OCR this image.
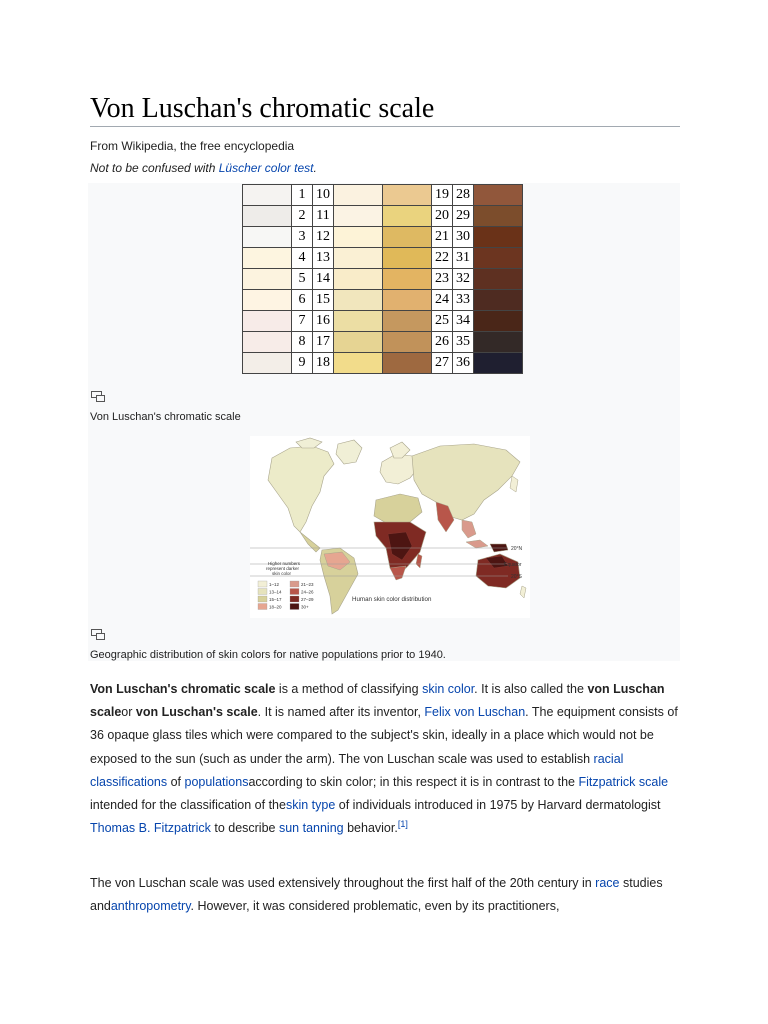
Von Luschan's chromatic scale
From Wikipedia, the free encyclopedia
Not to be confused with Lüscher color test.
	1	10			19	28	
	2	11			20	29	
	3	12			21	30	
	4	13			22	31	
	5	14			23	32	
	6	15			24	33	
	7	16			25	34	
	8	17			26	35	
	9	18			27	36	
Von Luschan's chromatic scale
20°N
Equator
20°S
Higher numbers
represent darker
skin color
1–12
13–14
15–17
18–20
21–23
24–26
27–29
30+
Human skin color distribution
Geographic distribution of skin colors for native populations prior to 1940.

Von Luschan's chromatic scale is a method of classifying skin color. It is also called the von Luschan scaleor von Luschan's scale. It is named after its inventor, Felix von Luschan. The equipment consists of 36 opaque glass tiles which were compared to the subject's skin, ideally in a place which would not be exposed to the sun (such as under the arm). The von Luschan scale was used to establish racial classifications of populationsaccording to skin color; in this respect it is in contrast to the Fitzpatrick scale intended for the classification of theskin type of individuals introduced in 1975 by Harvard dermatologist Thomas B. Fitzpatrick to describe sun tanning behavior.[1]

The von Luschan scale was used extensively throughout the first half of the 20th century in race studies andanthropometry. However, it was considered problematic, even by its practitioners,
